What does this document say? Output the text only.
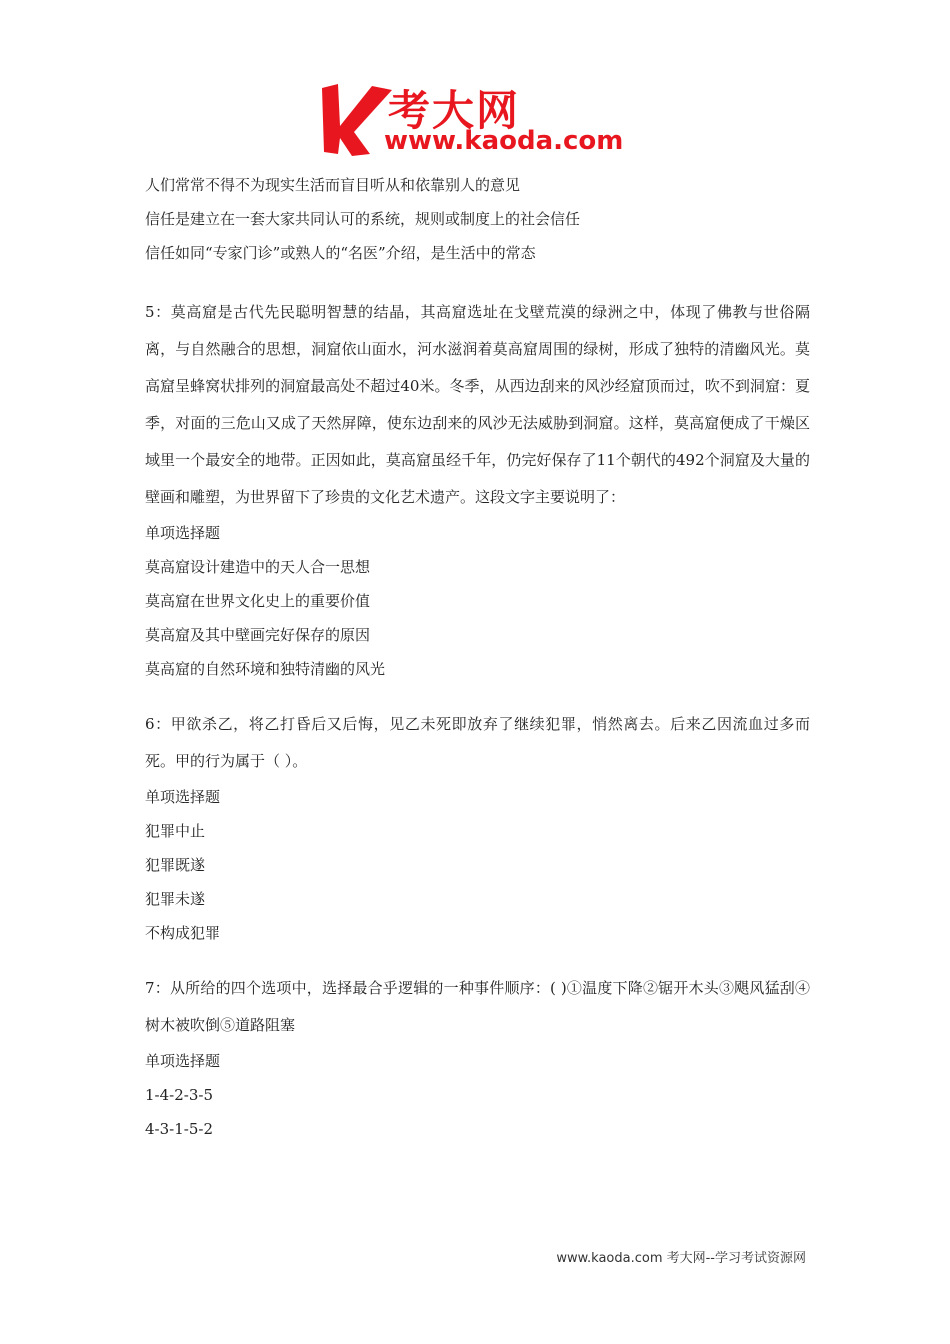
考大网
www.kaoda.com
人们常常不得不为现实生活而盲目听从和依靠别人的意见
信任是建立在一套大家共同认可的系统，规则或制度上的社会信任
信任如同“专家门诊”或熟人的“名医”介绍，是生活中的常态
5：莫高窟是古代先民聪明智慧的结晶，其高窟选址在戈壁荒漠的绿洲之中，体现了佛教与世俗隔离，与自然融合的思想，洞窟依山面水，河水滋润着莫高窟周围的绿树，形成了独特的清幽风光。莫高窟呈蜂窝状排列的洞窟最高处不超过40米。冬季，从西边刮来的风沙经窟顶而过，吹不到洞窟：夏季，对面的三危山又成了天然屏障，使东边刮来的风沙无法威胁到洞窟。这样，莫高窟便成了干燥区域里一个最安全的地带。正因如此，莫高窟虽经千年，仍完好保存了11个朝代的492个洞窟及大量的壁画和雕塑，为世界留下了珍贵的文化艺术遗产。这段文字主要说明了：
单项选择题
莫高窟设计建造中的天人合一思想
莫高窟在世界文化史上的重要价值
莫高窟及其中壁画完好保存的原因
莫高窟的自然环境和独特清幽的风光
6：甲欲杀乙，将乙打昏后又后悔，见乙未死即放弃了继续犯罪，悄然离去。后来乙因流血过多而死。甲的行为属于（ ）。
单项选择题
犯罪中止
犯罪既遂
犯罪未遂
不构成犯罪
7：从所给的四个选项中，选择最合乎逻辑的一种事件顺序：( )①温度下降②锯开木头③飓风猛刮④树木被吹倒⑤道路阻塞
单项选择题
1-4-2-3-5
4-3-1-5-2
www.kaoda.com 考大网--学习考试资源网
